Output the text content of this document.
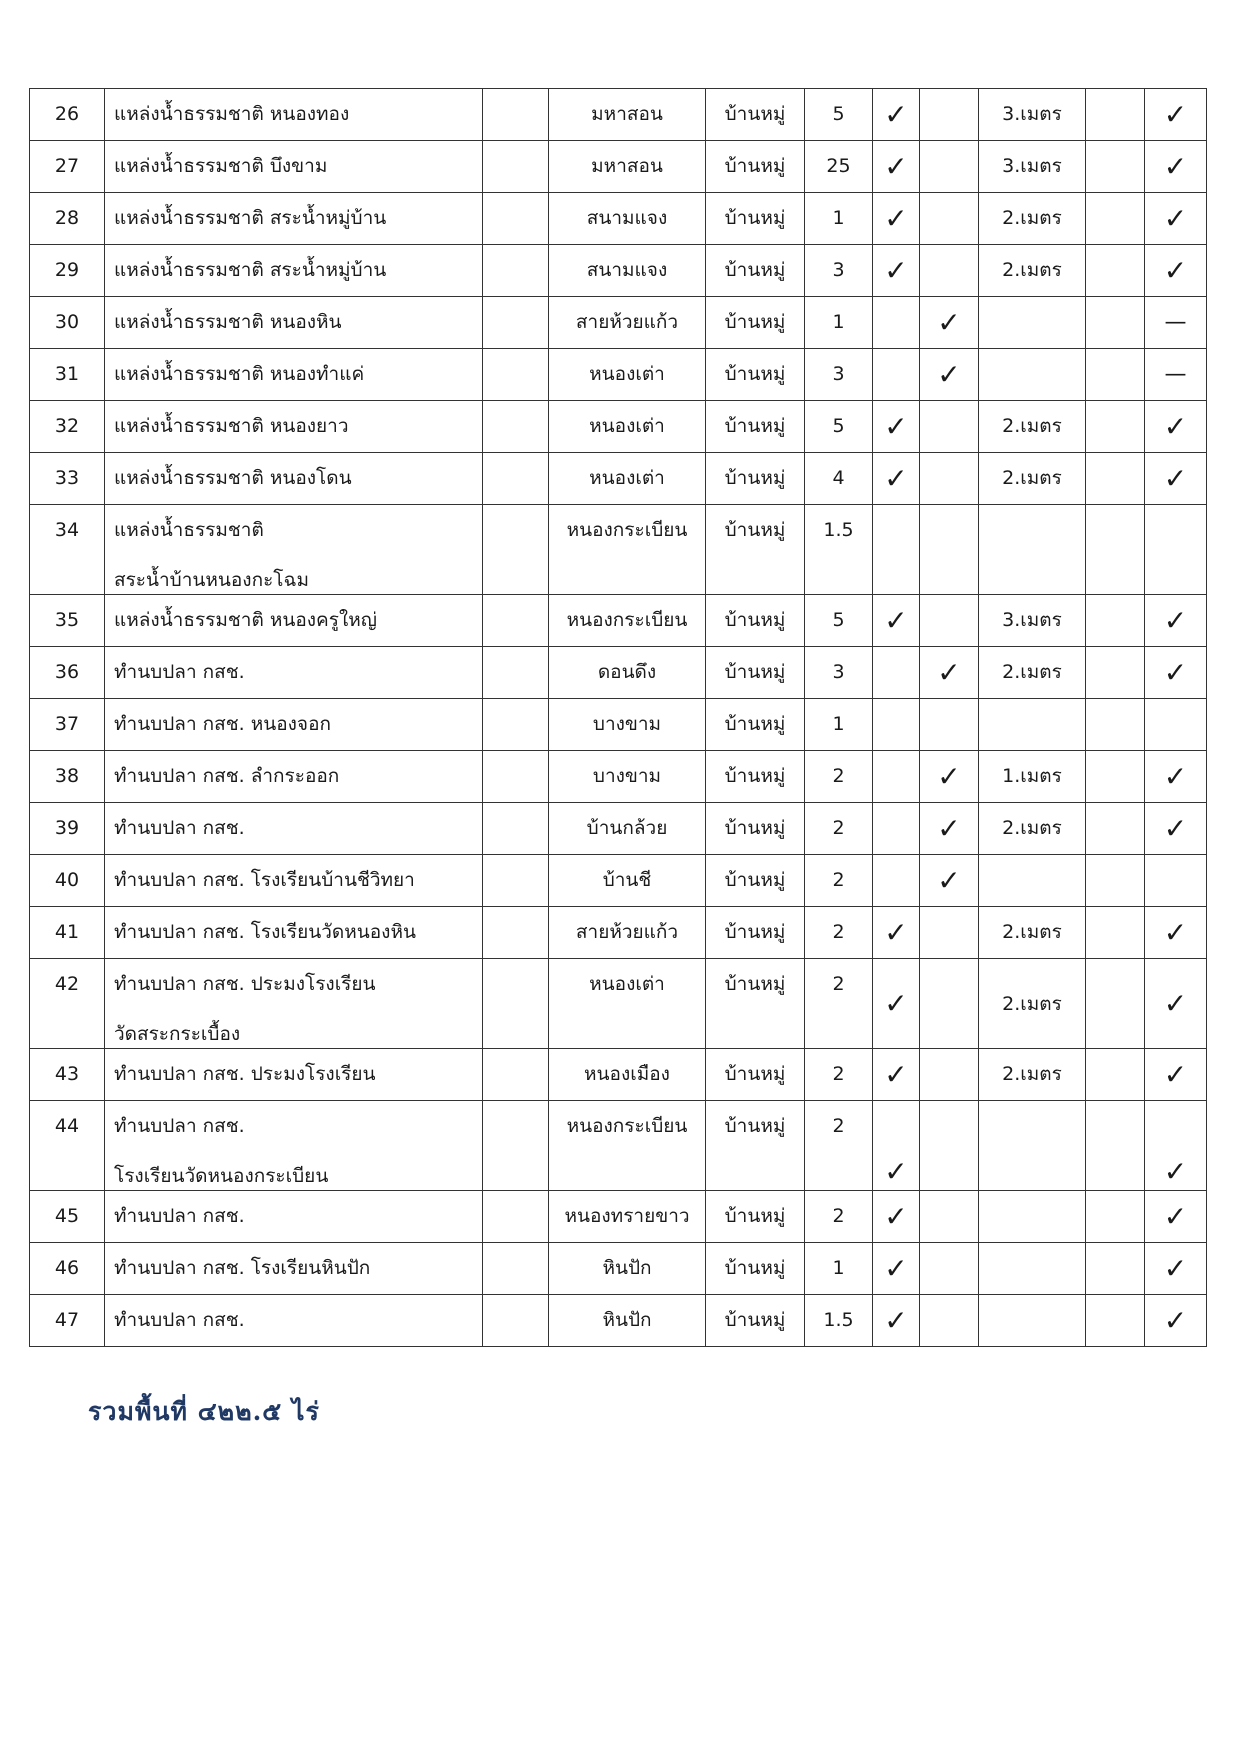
26	แหล่งน้ำธรรมชาติ หนองทอง		มหาสอน	บ้านหมู่	5	✓		3.เมตร		✓
27	แหล่งน้ำธรรมชาติ บึงขาม		มหาสอน	บ้านหมู่	25	✓		3.เมตร		✓
28	แหล่งน้ำธรรมชาติ สระน้ำหมู่บ้าน		สนามแจง	บ้านหมู่	1	✓		2.เมตร		✓
29	แหล่งน้ำธรรมชาติ สระน้ำหมู่บ้าน		สนามแจง	บ้านหมู่	3	✓		2.เมตร		✓
30	แหล่งน้ำธรรมชาติ หนองหิน		สายห้วยแก้ว	บ้านหมู่	1		✓			—
31	แหล่งน้ำธรรมชาติ หนองทำแค่		หนองเต่า	บ้านหมู่	3		✓			—
32	แหล่งน้ำธรรมชาติ หนองยาว		หนองเต่า	บ้านหมู่	5	✓		2.เมตร		✓
33	แหล่งน้ำธรรมชาติ หนองโดน		หนองเต่า	บ้านหมู่	4	✓		2.เมตร		✓
34	แหล่งน้ำธรรมชาติ
สระน้ำบ้านหนองกะโฉม		หนองกระเบียน	บ้านหมู่	1.5					
35	แหล่งน้ำธรรมชาติ หนองครูใหญ่		หนองกระเบียน	บ้านหมู่	5	✓		3.เมตร		✓
36	ทำนบปลา กสช.		ดอนดึง	บ้านหมู่	3		✓	2.เมตร		✓
37	ทำนบปลา กสช. หนองจอก		บางขาม	บ้านหมู่	1					
38	ทำนบปลา กสช. ลำกระออก		บางขาม	บ้านหมู่	2		✓	1.เมตร		✓
39	ทำนบปลา กสช.		บ้านกล้วย	บ้านหมู่	2		✓	2.เมตร		✓
40	ทำนบปลา กสช. โรงเรียนบ้านชีวิทยา		บ้านชี	บ้านหมู่	2		✓			
41	ทำนบปลา กสช. โรงเรียนวัดหนองหิน		สายห้วยแก้ว	บ้านหมู่	2	✓		2.เมตร		✓
42	ทำนบปลา กสช. ประมงโรงเรียน
วัดสระกระเบื้อง		หนองเต่า	บ้านหมู่	2	✓		2.เมตร		✓
43	ทำนบปลา กสช. ประมงโรงเรียน		หนองเมือง	บ้านหมู่	2	✓		2.เมตร		✓
44	ทำนบปลา กสช.
โรงเรียนวัดหนองกระเบียน		หนองกระเบียน	บ้านหมู่	2	✓				✓
45	ทำนบปลา กสช.		หนองทรายขาว	บ้านหมู่	2	✓				✓
46	ทำนบปลา กสช. โรงเรียนหินปัก		หินปัก	บ้านหมู่	1	✓				✓
47	ทำนบปลา กสช.		หินปัก	บ้านหมู่	1.5	✓				✓
รวมพื้นที่ ๔๒๒.๕ ไร่
